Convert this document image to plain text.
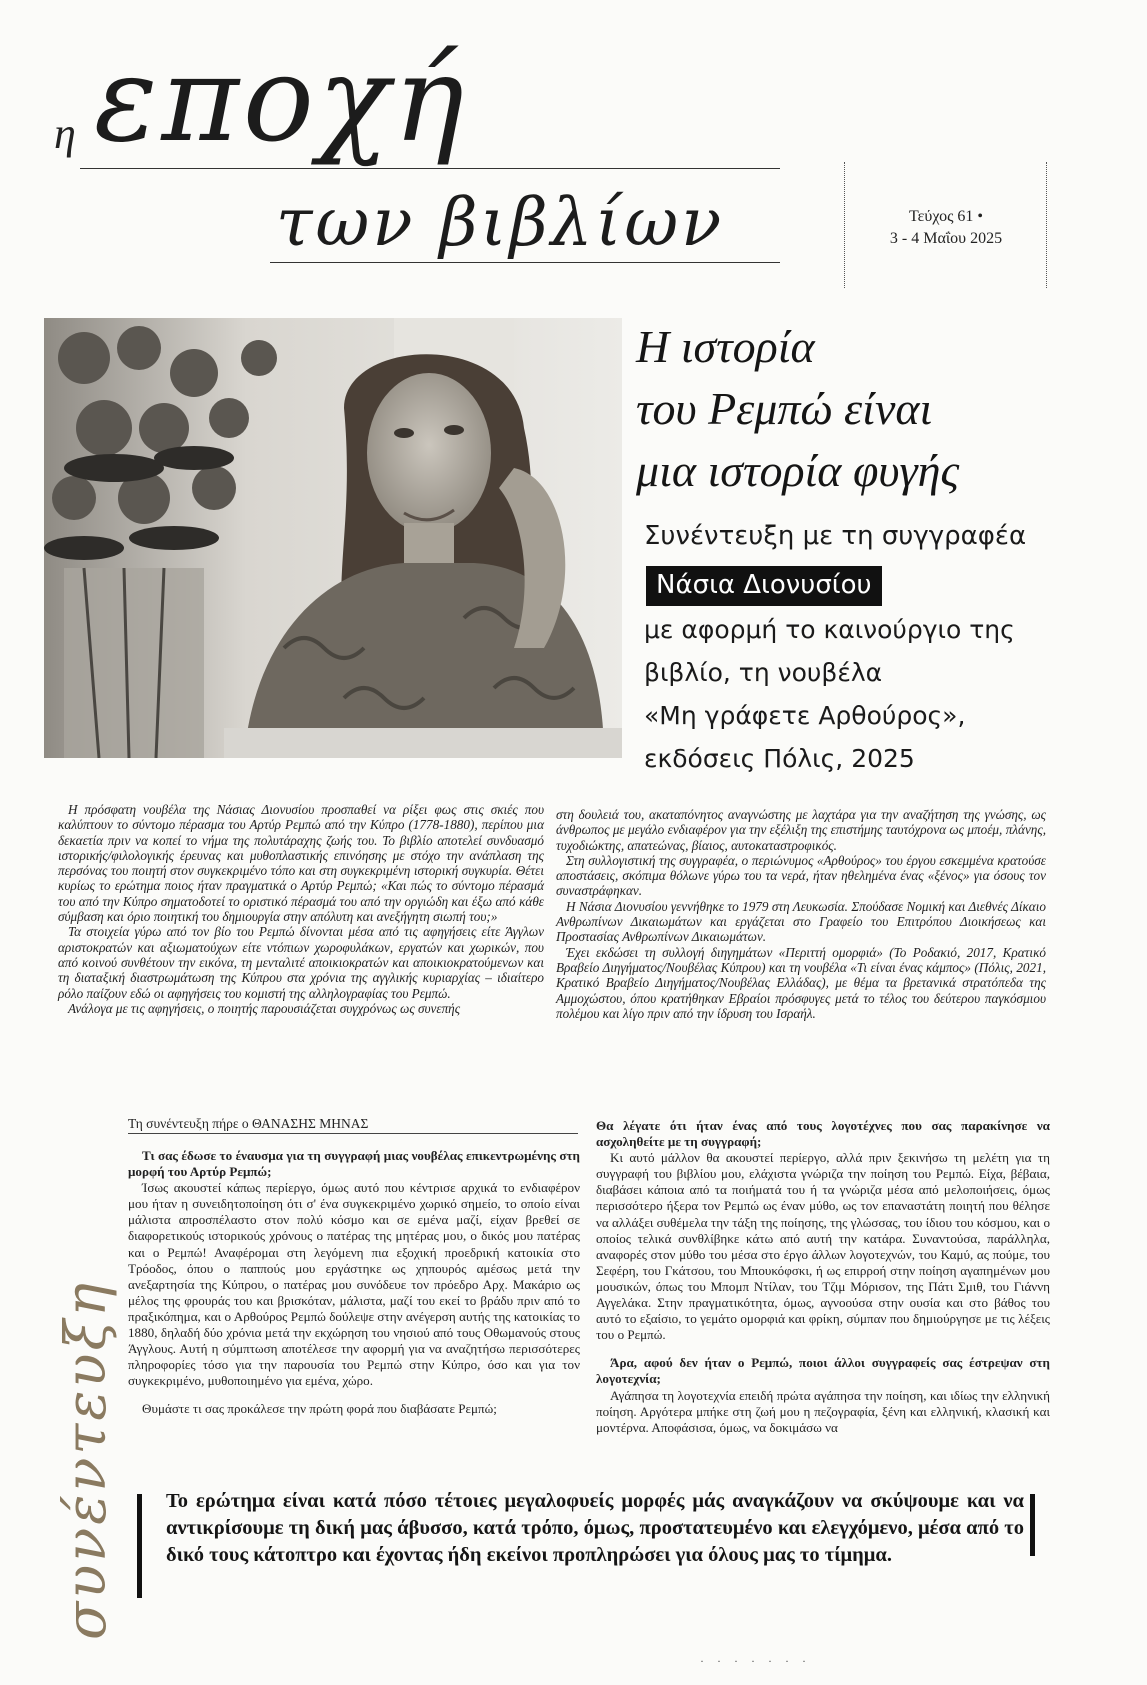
η εποχή
των βιβλίων	Τεύχος 61 •
3 - 4 Μαΐου 2025
Η ιστορία
του Ρεμπώ είναι
μια ιστορία φυγής
Συνέντευξη με τη συγγραφέα
Νάσια Διονυσίου
με αφορμή το καινούργιο της
βιβλίο, τη νουβέλα
«Μη γράφετε Αρθούρος»,
εκδόσεις Πόλις, 2025

Η πρόσφατη νουβέλα της Νάσιας Διονυσίου προσπαθεί να ρίξει φως στις σκιές που καλύπτουν το σύντομο πέρασμα του Αρτύρ Ρεμπώ από την Κύπρο (1778-1880), περίπου μια δεκαετία πριν να κοπεί το νήμα της πολυτάραχης ζωής του. Το βιβλίο αποτελεί συνδυασμό ιστορικής/φιλολογικής έρευνας και μυθοπλαστικής επινόησης με στόχο την ανάπλαση της περσόνας του ποιητή στον συγκεκριμένο τόπο και στη συγκεκριμένη ιστορική συγκυρία. Θέτει κυρίως το ερώτημα ποιος ήταν πραγματικά ο Αρτύρ Ρεμπώ; «Και πώς το σύντομο πέρασμά του από την Κύπρο σηματοδοτεί το οριστικό πέρασμά του από την οργιώδη και έξω από κάθε σύμβαση και όριο ποιητική του δημιουργία στην απόλυτη και ανεξήγητη σιωπή του;»

Τα στοιχεία γύρω από τον βίο του Ρεμπώ δίνονται μέσα από τις αφηγήσεις είτε Άγγλων αριστοκρατών και αξιωματούχων είτε ντόπιων χωροφυλάκων, εργατών και χωρικών, που από κοινού συνθέτουν την εικόνα, τη μενταλιτέ αποικιοκρατών και αποικιοκρατούμενων και τη διαταξική διαστρωμάτωση της Κύπρου στα χρόνια της αγγλικής κυριαρχίας – ιδιαίτερο ρόλο παίζουν εδώ οι αφηγήσεις του κομιστή της αλληλογραφίας του Ρεμπώ.

Ανάλογα με τις αφηγήσεις, ο ποιητής παρουσιάζεται συγχρόνως ως συνεπής

στη δουλειά του, ακαταπόνητος αναγνώστης με λαχτάρα για την αναζήτηση της γνώσης, ως άνθρωπος με μεγάλο ενδιαφέρον για την εξέλιξη της επιστήμης ταυτόχρονα ως μποέμ, πλάνης, τυχοδιώκτης, απατεώνας, βίαιος, αυτοκαταστροφικός.

Στη συλλογιστική της συγγραφέα, ο περιώνυμος «Αρθούρος» του έργου εσκεμμένα κρατούσε αποστάσεις, σκόπιμα θόλωνε γύρω του τα νερά, ήταν ηθελημένα ένας «ξένος» για όσους τον συναστράφηκαν.

Η Νάσια Διονυσίου γεννήθηκε το 1979 στη Λευκωσία. Σπούδασε Νομική και Διεθνές Δίκαιο Ανθρωπίνων Δικαιωμάτων και εργάζεται στο Γραφείο του Επιτρόπου Διοικήσεως και Προστασίας Ανθρωπίνων Δικαιωμάτων.

Έχει εκδώσει τη συλλογή διηγημάτων «Περιττή ομορφιά» (Το Ροδακιό, 2017, Κρατικό Βραβείο Διηγήματος/Νουβέλας Κύπρου) και τη νουβέλα «Τι είναι ένας κάμπος» (Πόλις, 2021, Κρατικό Βραβείο Διηγήματος/Νουβέλας Ελλάδας), με θέμα τα βρετανικά στρατόπεδα της Αμμοχώστου, όπου κρατήθηκαν Εβραίοι πρόσφυγες μετά το τέλος του δεύτερου παγκόσμιου πολέμου και λίγο πριν από την ίδρυση του Ισραήλ.

Τη συνέντευξη πήρε ο ΘΑΝΑΣΗΣ ΜΗΝΑΣ
συνέντευξη

Τι σας έδωσε το έναυσμα για τη συγγραφή μιας νουβέλας επικεντρωμένης στη μορφή του Αρτύρ Ρεμπώ;

Ίσως ακουστεί κάπως περίεργο, όμως αυτό που κέντρισε αρχικά το ενδιαφέρον μου ήταν η συνειδητοποίηση ότι σ' ένα συγκεκριμένο χωρικό σημείο, το οποίο είναι μάλιστα απροσπέλαστο στον πολύ κόσμο και σε εμένα μαζί, είχαν βρεθεί σε διαφορετικούς ιστορικούς χρόνους ο πατέρας της μητέρας μου, ο δικός μου πατέρας και ο Ρεμπώ! Αναφέρομαι στη λεγόμενη πια εξοχική προεδρική κατοικία στο Τρόοδος, όπου ο παππούς μου εργάστηκε ως χηπουρός αμέσως μετά την ανεξαρτησία της Κύπρου, ο πατέρας μου συνόδευε τον πρόεδρο Αρχ. Μακάριο ως μέλος της φρουράς του και βρισκόταν, μάλιστα, μαζί του εκεί το βράδυ πριν από το πραξικόπημα, και ο Αρθούρος Ρεμπώ δούλεψε στην ανέγερση αυτής της κατοικίας το 1880, δηλαδή δύο χρόνια μετά την εκχώρηση του νησιού από τους Οθωμανούς στους Άγγλους. Αυτή η σύμπτωση αποτέλεσε την αφορμή για να αναζητήσω περισσότερες πληροφορίες τόσο για την παρουσία του Ρεμπώ στην Κύπρο, όσο και για τον συγκεκριμένο, μυθοποιημένο για εμένα, χώρο.

Θυμάστε τι σας προκάλεσε την πρώτη φορά που διαβάσατε Ρεμπώ;

Θα λέγατε ότι ήταν ένας από τους λογοτέχνες που σας παρακίνησε να ασχοληθείτε με τη συγγραφή;

Κι αυτό μάλλον θα ακουστεί περίεργο, αλλά πριν ξεκινήσω τη μελέτη για τη συγγραφή του βιβλίου μου, ελάχιστα γνώριζα την ποίηση του Ρεμπώ. Είχα, βέβαια, διαβάσει κάποια από τα ποιήματά του ή τα γνώριζα μέσα από μελοποιήσεις, όμως περισσότερο ήξερα τον Ρεμπώ ως έναν μύθο, ως τον επαναστάτη ποιητή που θέλησε να αλλάξει συθέμελα την τάξη της ποίησης, της γλώσσας, του ίδιου του κόσμου, και ο οποίος τελικά συνθλίβηκε κάτω από αυτή την κατάρα. Συναντούσα, παράλληλα, αναφορές στον μύθο του μέσα στο έργο άλλων λογοτεχνών, του Καμύ, ας πούμε, του Σεφέρη, του Γκάτσου, του Μπουκόφσκι, ή ως επιρροή στην ποίηση αγαπημένων μου μουσικών, όπως του Μπομπ Ντίλαν, του Τζιμ Μόρισον, της Πάτι Σμιθ, του Γιάννη Αγγελάκα. Στην πραγματικότητα, όμως, αγνοούσα στην ουσία και στο βάθος του αυτό το εξαίσιο, το γεμάτο ομορφιά και φρίκη, σύμπαν που δημιούργησε με τις λέξεις του ο Ρεμπώ.

Άρα, αφού δεν ήταν ο Ρεμπώ, ποιοι άλλοι συγγραφείς σας έστρεψαν στη λογοτεχνία;

Αγάπησα τη λογοτεχνία επειδή πρώτα αγάπησα την ποίηση, και ιδίως την ελληνική ποίηση. Αργότερα μπήκε στη ζωή μου η πεζογραφία, ξένη και ελληνική, κλασική και μοντέρνα. Αποφάσισα, όμως, να δοκιμάσω να

Το ερώτημα είναι κατά πόσο τέτοιες μεγαλοφυείς μορφές μάς αναγκάζουν να σκύψουμε και να αντικρίσουμε τη δική μας άβυσσο, κατά τρόπο, όμως, προστατευμένο και ελεγχόμενο, μέσα από το δικό τους κάτοπτρο και έχοντας ήδη εκείνοι προπληρώσει για όλους μας το τίμημα.
· · · · · · ·
